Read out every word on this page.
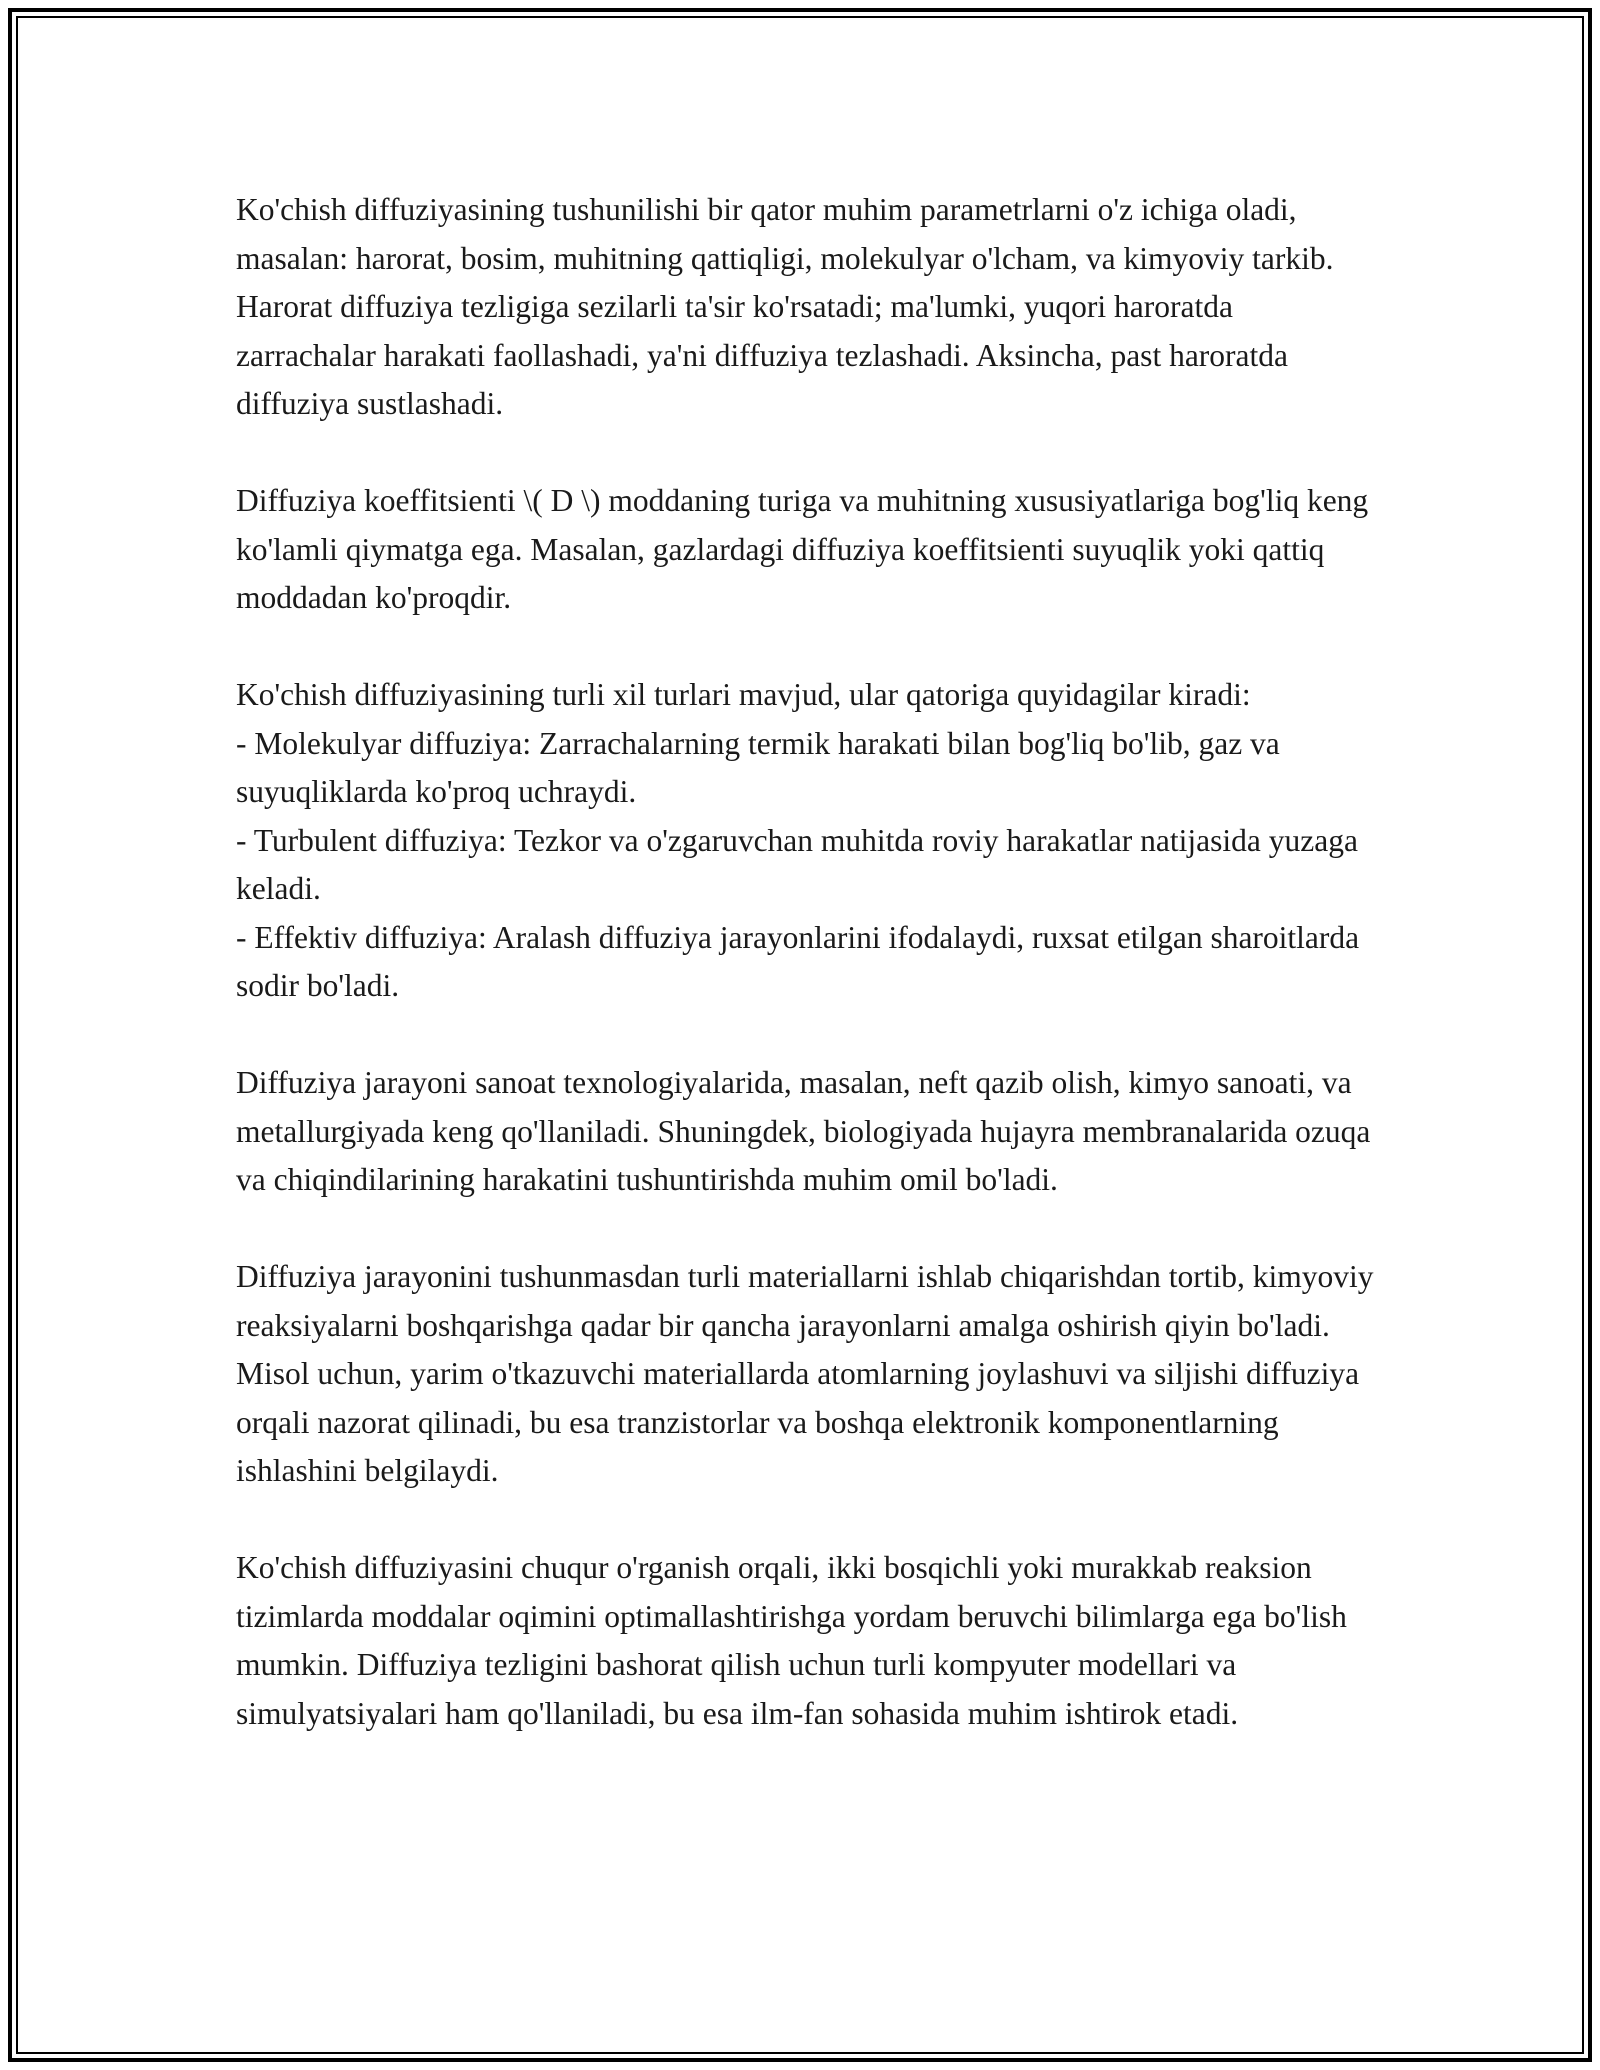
Ko'chish diffuziyasining tushunilishi bir qator muhim parametrlarni o'z ichiga oladi, masalan: harorat, bosim, muhitning qattiqligi, molekulyar o'lcham, va kimyoviy tarkib. Harorat diffuziya tezligiga sezilarli ta'sir ko'rsatadi; ma'lumki, yuqori haroratda zarrachalar harakati faollashadi, ya'ni diffuziya tezlashadi. Aksincha, past haroratda diffuziya sustlashadi.

Diffuziya koeffitsienti \( D \) moddaning turiga va muhitning xususiyatlariga bog'liq keng ko'lamli qiymatga ega. Masalan, gazlardagi diffuziya koeffitsienti suyuqlik yoki qattiq moddadan ko'proqdir.

Ko'chish diffuziyasining turli xil turlari mavjud, ular qatoriga quyidagilar kiradi:
- Molekulyar diffuziya: Zarrachalarning termik harakati bilan bog'liq bo'lib, gaz va suyuqliklarda ko'proq uchraydi.
- Turbulent diffuziya: Tezkor va o'zgaruvchan muhitda roviy harakatlar natijasida yuzaga keladi.
- Effektiv diffuziya: Aralash diffuziya jarayonlarini ifodalaydi, ruxsat etilgan sharoitlarda sodir bo'ladi.

Diffuziya jarayoni sanoat texnologiyalarida, masalan, neft qazib olish, kimyo sanoati, va metallurgiyada keng qo'llaniladi. Shuningdek, biologiyada hujayra membranalarida ozuqa va chiqindilarining harakatini tushuntirishda muhim omil bo'ladi.

Diffuziya jarayonini tushunmasdan turli materiallarni ishlab chiqarishdan tortib, kimyoviy reaksiyalarni boshqarishga qadar bir qancha jarayonlarni amalga oshirish qiyin bo'ladi. Misol uchun, yarim o'tkazuvchi materiallarda atomlarning joylashuvi va siljishi diffuziya orqali nazorat qilinadi, bu esa tranzistorlar va boshqa elektronik komponentlarning ishlashini belgilaydi.

Ko'chish diffuziyasini chuqur o'rganish orqali, ikki bosqichli yoki murakkab reaksion tizimlarda moddalar oqimini optimallashtirishga yordam beruvchi bilimlarga ega bo'lish mumkin. Diffuziya tezligini bashorat qilish uchun turli kompyuter modellari va simulyatsiyalari ham qo'llaniladi, bu esa ilm-fan sohasida muhim ishtirok etadi.
